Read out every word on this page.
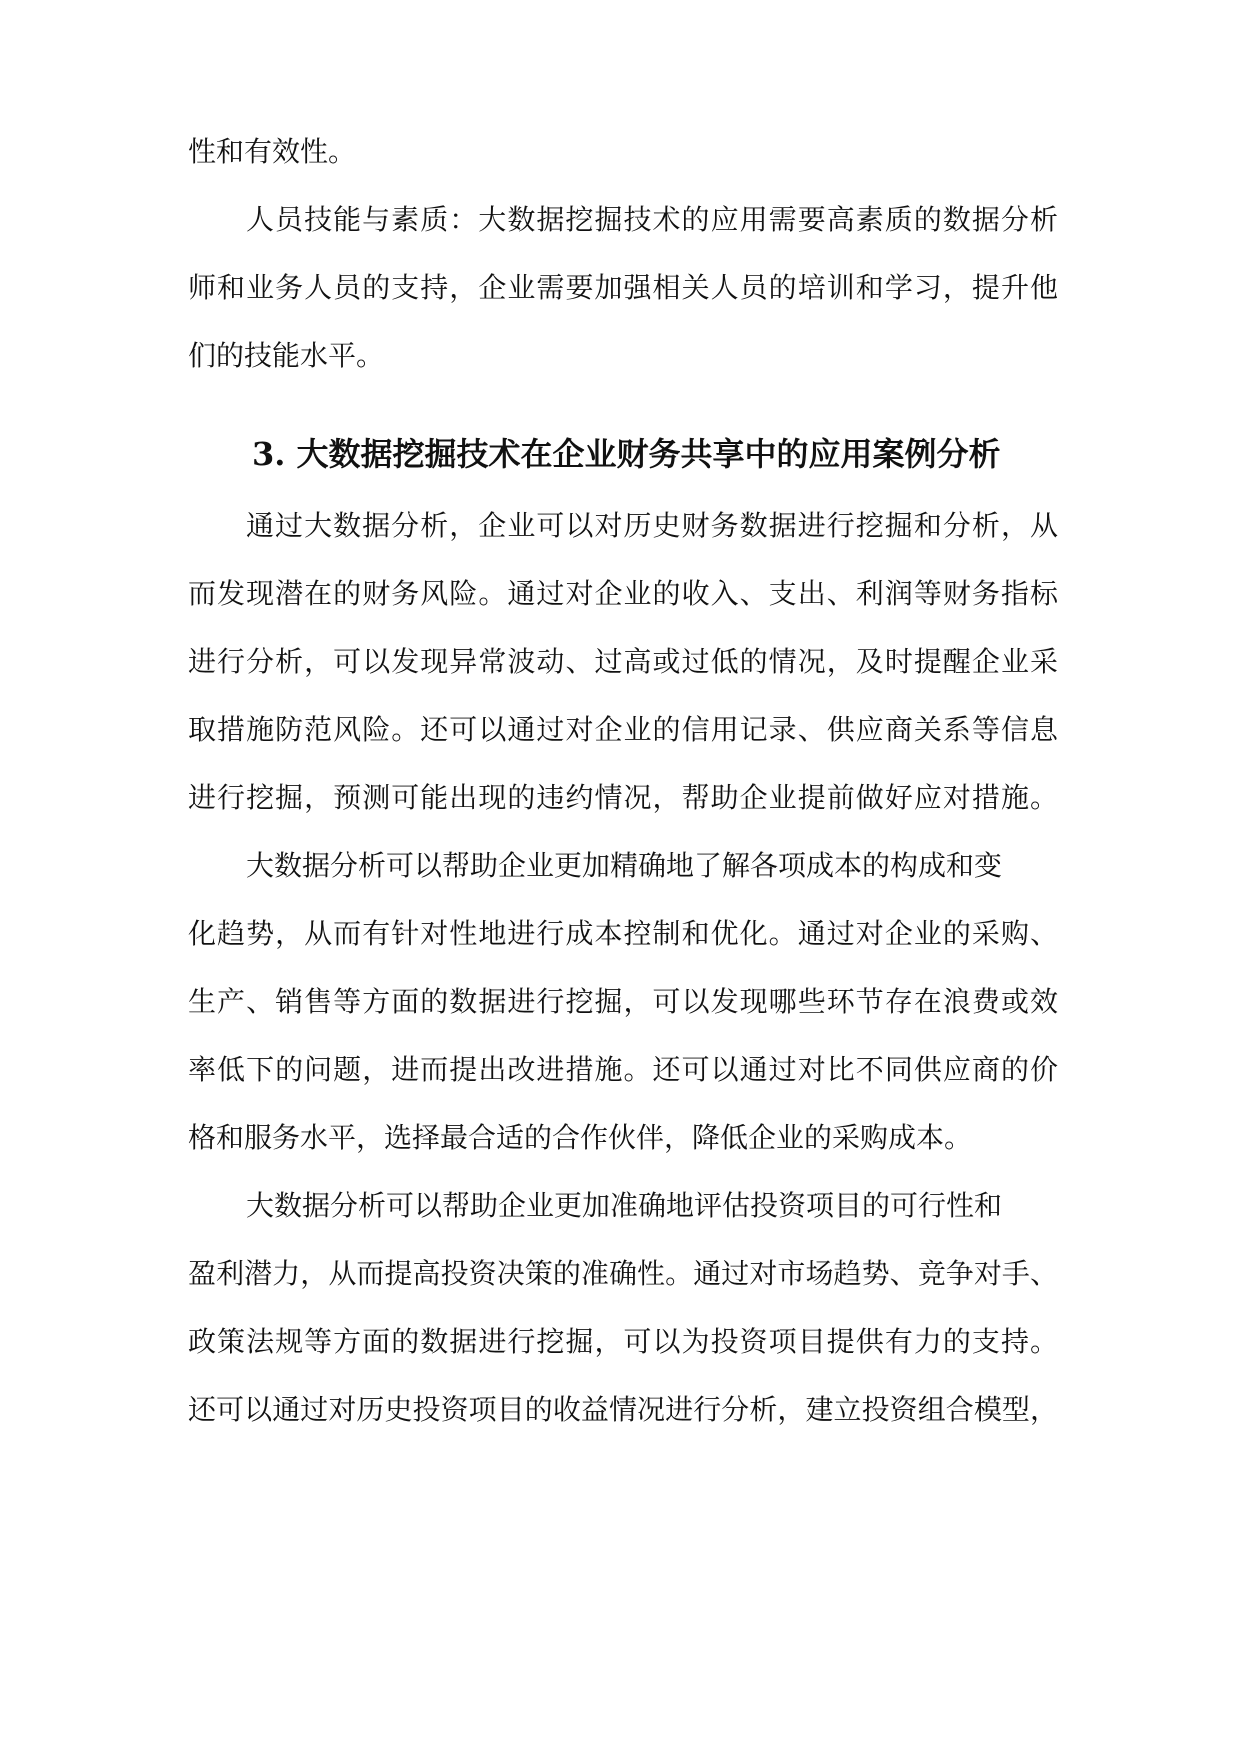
性和有效性。
人员技能与素质：大数据挖掘技术的应用需要高素质的数据分析
师和业务人员的支持，企业需要加强相关人员的培训和学习，提升他
们的技能水平。
3. 大数据挖掘技术在企业财务共享中的应用案例分析
通过大数据分析，企业可以对历史财务数据进行挖掘和分析，从
而发现潜在的财务风险。通过对企业的收入、支出、利润等财务指标
进行分析，可以发现异常波动、过高或过低的情况，及时提醒企业采
取措施防范风险。还可以通过对企业的信用记录、供应商关系等信息
进行挖掘，预测可能出现的违约情况，帮助企业提前做好应对措施。
大数据分析可以帮助企业更加精确地了解各项成本的构成和变
化趋势，从而有针对性地进行成本控制和优化。通过对企业的采购、
生产、销售等方面的数据进行挖掘，可以发现哪些环节存在浪费或效
率低下的问题，进而提出改进措施。还可以通过对比不同供应商的价
格和服务水平，选择最合适的合作伙伴，降低企业的采购成本。
大数据分析可以帮助企业更加准确地评估投资项目的可行性和
盈利潜力，从而提高投资决策的准确性。通过对市场趋势、竞争对手、
政策法规等方面的数据进行挖掘，可以为投资项目提供有力的支持。
还可以通过对历史投资项目的收益情况进行分析，建立投资组合模型，
